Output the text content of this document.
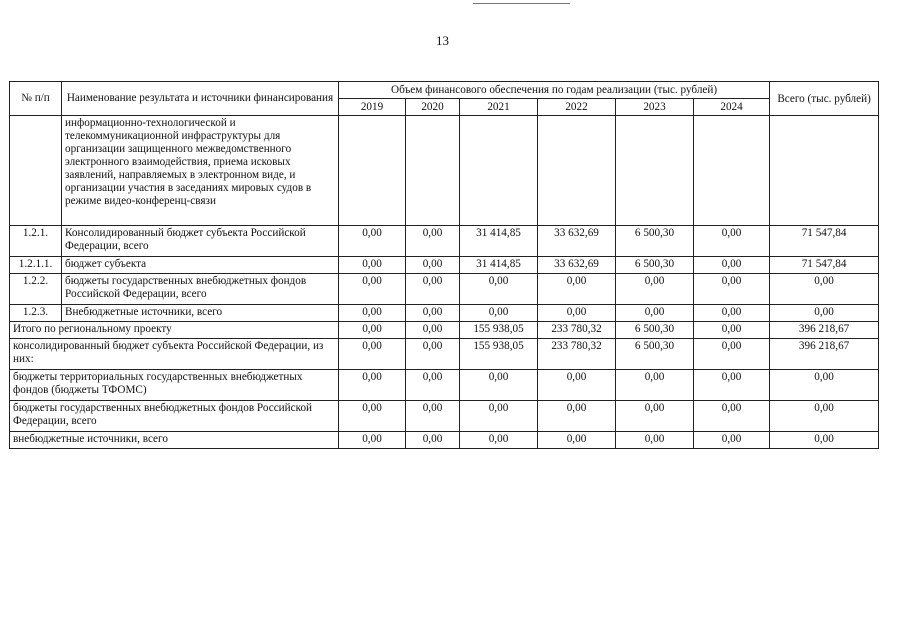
13
№ п/п	Наименование результата и источники финансирования	Объем финансового обеспечения по годам реализации (тыс. рублей)						Всего (тыс. рублей)
		2019	2020	2021	2022	2023	2024	
	информационно-технологической и телекоммуникационной инфраструктуры для организации защищенного межведомственного электронного взаимодействия, приема исковых заявлений, направляемых в электронном виде, и организации участия в заседаниях мировых судов в режиме видео-конференц-связи							
1.2.1.	Консолидированный бюджет субъекта Российской Федерации, всего	0,00	0,00	31 414,85	33 632,69	6 500,30	0,00	71 547,84
1.2.1.1.	бюджет субъекта	0,00	0,00	31 414,85	33 632,69	6 500,30	0,00	71 547,84
1.2.2.	бюджеты государственных внебюджетных фондов Российской Федерации, всего	0,00	0,00	0,00	0,00	0,00	0,00	0,00
1.2.3.	Внебюджетные источники, всего	0,00	0,00	0,00	0,00	0,00	0,00	0,00
Итого по региональному проекту		0,00	0,00	155 938,05	233 780,32	6 500,30	0,00	396 218,67
консолидированный бюджет субъекта Российской Федерации, из них:		0,00	0,00	155 938,05	233 780,32	6 500,30	0,00	396 218,67
бюджеты территориальных государственных внебюджетных фондов (бюджеты ТФОМС)		0,00	0,00	0,00	0,00	0,00	0,00	0,00
бюджеты государственных внебюджетных фондов Российской Федерации, всего		0,00	0,00	0,00	0,00	0,00	0,00	0,00
внебюджетные источники, всего		0,00	0,00	0,00	0,00	0,00	0,00	0,00
